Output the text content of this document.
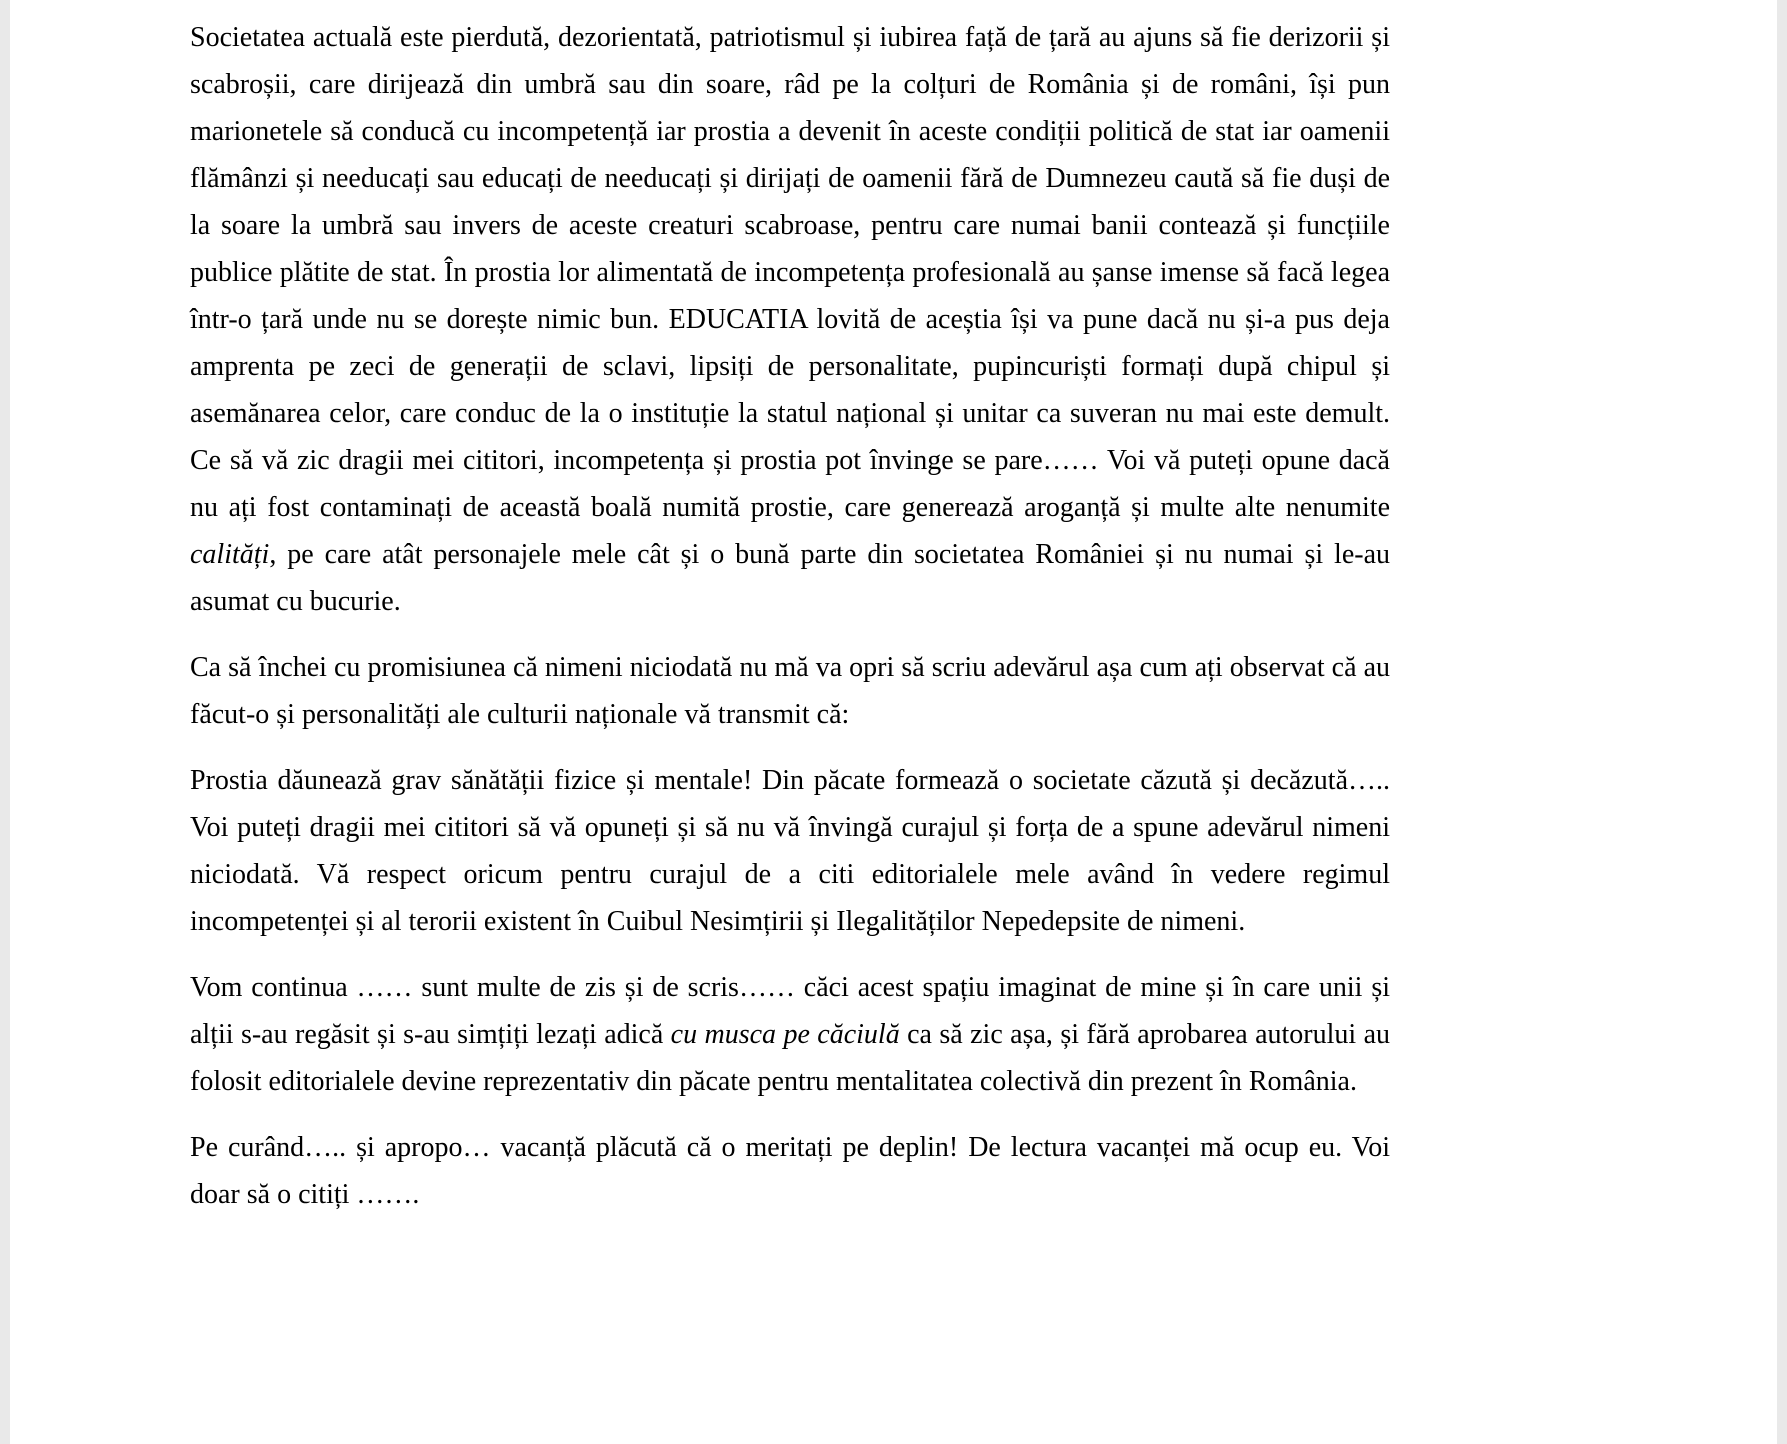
Societatea actuală este pierdută, dezorientată, patriotismul și iubirea față de țară au ajuns să fie derizorii și scabroșii, care dirijează din umbră sau din soare, râd pe la colțuri de România și de români, își pun marionetele să conducă cu incompetență iar prostia a devenit în aceste condiții politică de stat iar oamenii flămânzi și needucați sau educați de needucați și dirijați de oamenii fără de Dumnezeu caută să fie duși de la soare la umbră sau invers de aceste creaturi scabroase, pentru care numai banii contează și funcțiile publice plătite de stat. În prostia lor alimentată de incompetența profesională au șanse imense să facă legea într-o țară unde nu se dorește nimic bun. EDUCATIA lovită de aceștia își va pune dacă nu și-a pus deja amprenta pe zeci de generații de sclavi, lipsiți de personalitate, pupincuriști formați după chipul și asemănarea celor, care conduc de la o instituție la statul național și unitar ca suveran nu mai este demult. Ce să vă zic dragii mei cititori, incompetența și prostia pot învinge se pare…… Voi vă puteți opune dacă nu ați fost contaminați de această boală numită prostie, care generează aroganță și multe alte nenumite calități, pe care atât personajele mele cât și o bună parte din societatea României și nu numai și le-au asumat cu bucurie.

Ca să închei cu promisiunea că nimeni niciodată nu mă va opri să scriu adevărul așa cum ați observat că au făcut-o și personalități ale culturii naționale vă transmit că:

Prostia dăunează grav sănătății fizice și mentale! Din păcate formează o societate căzută și decăzută….. Voi puteți dragii mei cititori să vă opuneți și să nu vă învingă curajul și forța de a spune adevărul nimeni niciodată. Vă respect oricum pentru curajul de a citi editorialele mele având în vedere regimul incompetenței și al terorii existent în Cuibul Nesimțirii și Ilegalităților Nepedepsite de nimeni.

Vom continua …… sunt multe de zis și de scris…… căci acest spațiu imaginat de mine și în care unii și alții s-au regăsit și s-au simțiți lezați adică cu musca pe căciulă ca să zic așa, și fără aprobarea autorului au folosit editorialele devine reprezentativ din păcate pentru mentalitatea colectivă din prezent în România.

Pe curând….. și apropo… vacanță plăcută că o meritați pe deplin! De lectura vacanței mă ocup eu. Voi doar să o citiți …….
